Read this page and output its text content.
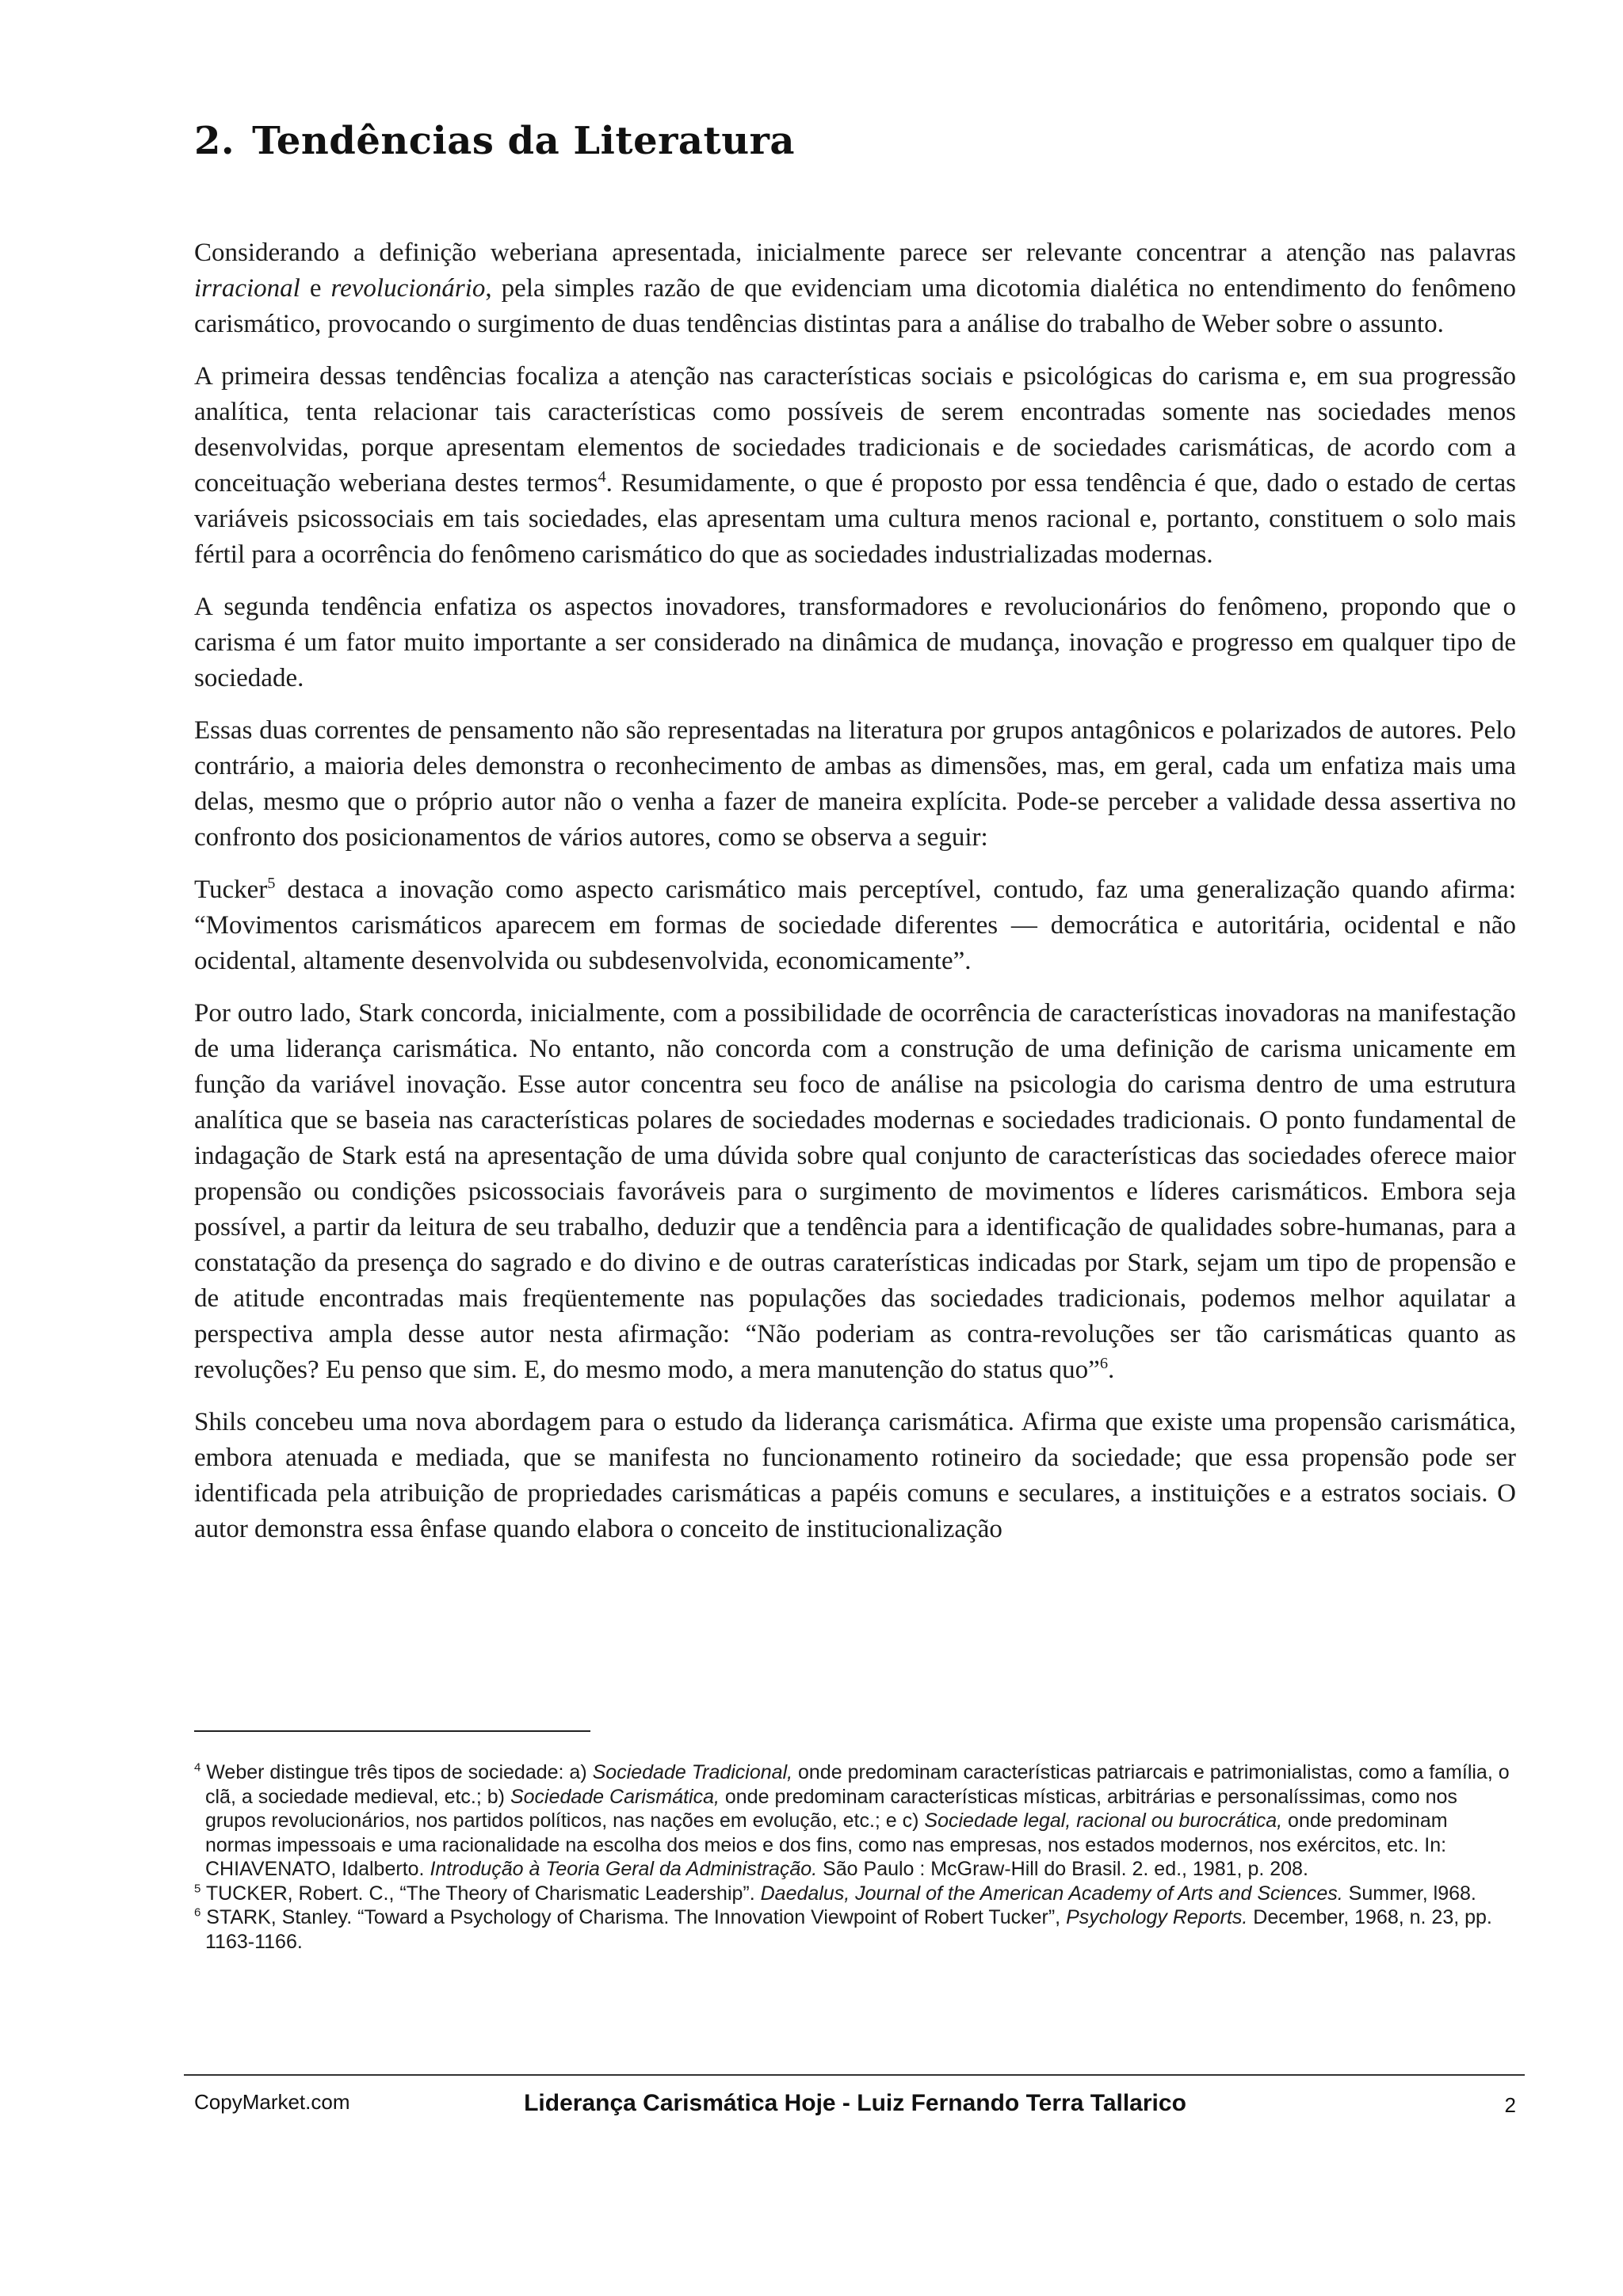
2. Tendências da Literatura

Considerando a definição weberiana apresentada, inicialmente parece ser relevante concentrar a atenção nas palavras irracional e revolucionário, pela simples razão de que evidenciam uma dicotomia dialética no entendimento do fenômeno carismático, provocando o surgimento de duas tendências distintas para a análise do trabalho de Weber sobre o assunto.

A primeira dessas tendências focaliza a atenção nas características sociais e psicológicas do carisma e, em sua progressão analítica, tenta relacionar tais características como possíveis de serem encontradas somente nas sociedades menos desenvolvidas, porque apresentam elementos de sociedades tradicionais e de sociedades carismáticas, de acordo com a conceituação weberiana destes termos$^4$. Resumidamente, o que é proposto por essa tendência é que, dado o estado de certas variáveis psicossociais em tais sociedades, elas apresentam uma cultura menos racional e, portanto, constituem o solo mais fértil para a ocorrência do fenômeno carismático do que as sociedades industrializadas modernas.

A segunda tendência enfatiza os aspectos inovadores, transformadores e revolucionários do fenômeno, propondo que o carisma é um fator muito importante a ser considerado na dinâmica de mudança, inovação e progresso em qualquer tipo de sociedade.

Essas duas correntes de pensamento não são representadas na literatura por grupos antagônicos e polarizados de autores. Pelo contrário, a maioria deles demonstra o reconhecimento de ambas as dimensões, mas, em geral, cada um enfatiza mais uma delas, mesmo que o próprio autor não o venha a fazer de maneira explícita. Pode-se perceber a validade dessa assertiva no confronto dos posicionamentos de vários autores, como se observa a seguir:

Tucker$^5$ destaca a inovação como aspecto carismático mais perceptível, contudo, faz uma generalização quando afirma: “Movimentos carismáticos aparecem em formas de sociedade diferentes — democrática e autoritária, ocidental e não ocidental, altamente desenvolvida ou subdesenvolvida, economicamente”.

Por outro lado, Stark concorda, inicialmente, com a possibilidade de ocorrência de características inovadoras na manifestação de uma liderança carismática. No entanto, não concorda com a construção de uma definição de carisma unicamente em função da variável inovação. Esse autor concentra seu foco de análise na psicologia do carisma dentro de uma estrutura analítica que se baseia nas características polares de sociedades modernas e sociedades tradicionais. O ponto fundamental de indagação de Stark está na apresentação de uma dúvida sobre qual conjunto de características das sociedades oferece maior propensão ou condições psicossociais favoráveis para o surgimento de movimentos e líderes carismáticos. Embora seja possível, a partir da leitura de seu trabalho, deduzir que a tendência para a identificação de qualidades sobre-humanas, para a constatação da presença do sagrado e do divino e de outras caraterísticas indicadas por Stark, sejam um tipo de propensão e de atitude encontradas mais freqüentemente nas populações das sociedades tradicionais, podemos melhor aquilatar a perspectiva ampla desse autor nesta afirmação: “Não poderiam as contra-revoluções ser tão carismáticas quanto as revoluções? Eu penso que sim. E, do mesmo modo, a mera manutenção do status quo”$^6$.

Shils concebeu uma nova abordagem para o estudo da liderança carismática. Afirma que existe uma propensão carismática, embora atenuada e mediada, que se manifesta no funcionamento rotineiro da sociedade; que essa propensão pode ser identificada pela atribuição de propriedades carismáticas a papéis comuns e seculares, a instituições e a estratos sociais. O autor demonstra essa ênfase quando elabora o conceito de institucionalização

$^4$ Weber distingue três tipos de sociedade: a) Sociedade Tradicional, onde predominam características patriarcais e patrimonialistas, como a família, o clã, a sociedade medieval, etc.; b) Sociedade Carismática, onde predominam características místicas, arbitrárias e personalíssimas, como nos grupos revolucionários, nos partidos políticos, nas nações em evolução, etc.; e c) Sociedade legal, racional ou burocrática, onde predominam normas impessoais e uma racionalidade na escolha dos meios e dos fins, como nas empresas, nos estados modernos, nos exércitos, etc. In: CHIAVENATO, Idalberto. Introdução à Teoria Geral da Administração. São Paulo : McGraw-Hill do Brasil. 2. ed., 1981, p. 208.

$^5$ TUCKER, Robert. C., “The Theory of Charismatic Leadership”. Daedalus, Journal of the American Academy of Arts and Sciences. Summer, l968.

$^6$ STARK, Stanley. “Toward a Psychology of Charisma. The Innovation Viewpoint of Robert Tucker”, Psychology Reports. December, 1968, n. 23, pp. 1163-1166.

CopyMarket.com	Liderança Carismática Hoje - Luiz Fernando Terra Tallarico	2
